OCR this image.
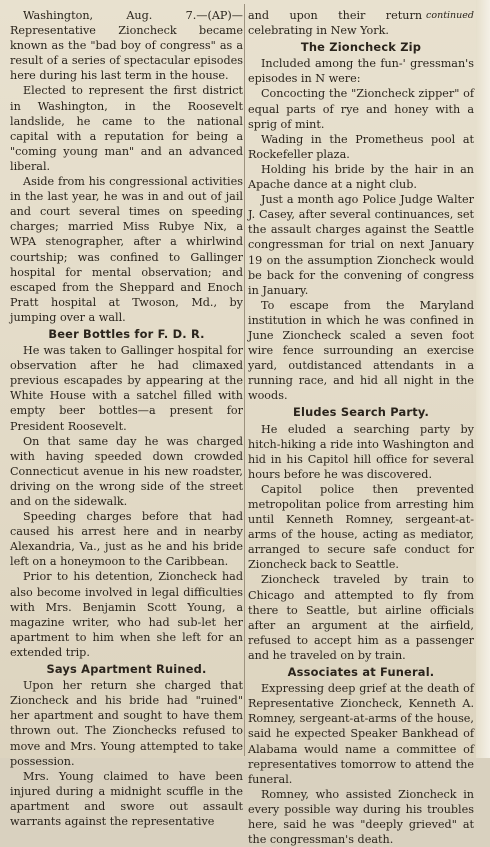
Washington, Aug. 7.—(AP)—Representative Zioncheck became known as the "bad boy of congress" as a result of a series of spectacular episodes here during his last term in the house.

Elected to represent the first district in Washington, in the Roosevelt landslide, he came to the national capital with a reputation for being a "coming young man" and an advanced liberal.

Aside from his congressional activities in the last year, he was in and out of jail and court several times on speeding charges; married Miss Rubye Nix, a WPA stenographer, after a whirlwind courtship; was confined to Gallinger hospital for mental observation; and escaped from the Sheppard and Enoch Pratt hospital at Twoson, Md., by jumping over a wall.

Beer Bottles for F. D. R.

He was taken to Gallinger hospital for observation after he had climaxed previous escapades by appearing at the White House with a satchel filled with empty beer bottles—a present for President Roosevelt.

On that same day he was charged with having speeded down crowded Connecticut avenue in his new roadster, driving on the wrong side of the street and on the sidewalk.

Speeding charges before that had caused his arrest here and in nearby Alexandria, Va., just as he and his bride left on a honeymoon to the Caribbean.

Prior to his detention, Zioncheck had also become involved in legal difficulties with Mrs. Benjamin Scott Young, a magazine writer, who had sub-let her apartment to him when she left for an extended trip.

Says Apartment Ruined.

Upon her return she charged that Zioncheck and his bride had "ruined" her apartment and sought to have them thrown out. The Zionchecks refused to move and Mrs. Young attempted to take possession.

Mrs. Young claimed to have been injured during a midnight scuffle in the apartment and swore out assault warrants against the representative

continued
and upon their return celebrating in New York.

The Zioncheck Zip

Included among the fun-' gressman's episodes in N were:

Concocting the "Zioncheck zipper" of equal parts of rye and honey with a sprig of mint.

Wading in the Prometheus pool at Rockefeller plaza.

Holding his bride by the hair in an Apache dance at a night club.

Just a month ago Police Judge Walter J. Casey, after several continuances, set the assault charges against the Seattle congressman for trial on next January 19 on the assumption Zioncheck would be back for the convening of congress in January.

To escape from the Maryland institution in which he was confined in June Zioncheck scaled a seven foot wire fence surrounding an exercise yard, outdistanced attendants in a running race, and hid all night in the woods.

Eludes Search Party.

He eluded a searching party by hitch-hiking a ride into Washington and hid in his Capitol hill office for several hours before he was discovered.

Capitol police then prevented metropolitan police from arresting him until Kenneth Romney, sergeant-at-arms of the house, acting as mediator, arranged to secure safe conduct for Zioncheck back to Seattle.

Zioncheck traveled by train to Chicago and attempted to fly from there to Seattle, but airline officials after an argument at the airfield, refused to accept him as a passenger and he traveled on by train.

Associates at Funeral.

Expressing deep grief at the death of Representative Zioncheck, Kenneth A. Romney, sergeant-at-arms of the house, said he expected Speaker Bankhead of Alabama would name a committee of representatives tomorrow to attend the funeral.

Romney, who assisted Zioncheck in every possible way during his troubles here, said he was "deeply grieved" at the congressman's death.
